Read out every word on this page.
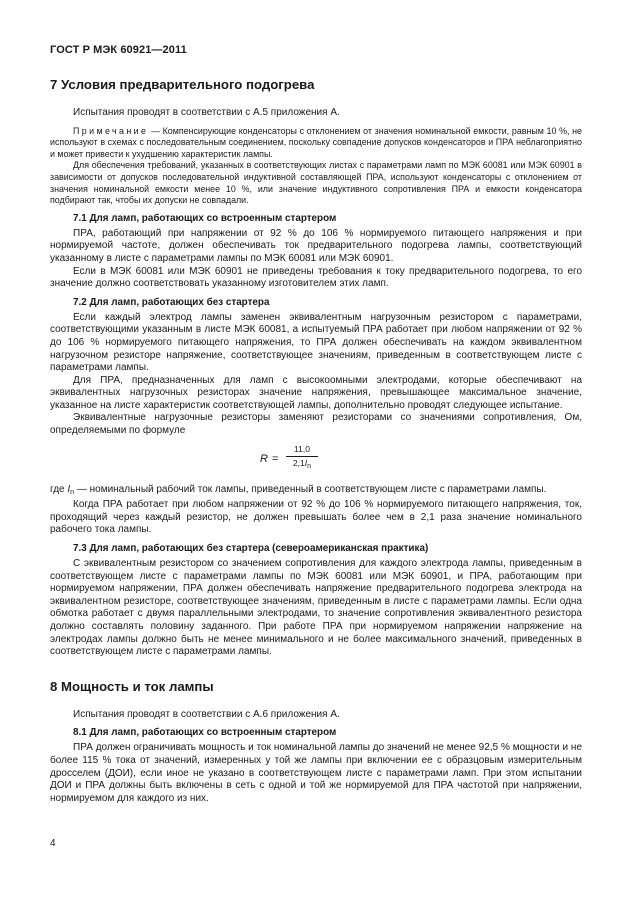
ГОСТ Р МЭК 60921—2011
7 Условия предварительного подогрева

Испытания проводят в соответствии с А.5 приложения А.

Примечание — Компенсирующие конденсаторы с отклонением от значения номинальной емкости, равным 10 %, не используют в схемах с последовательным соединением, поскольку совпадение допусков конденсаторов и ПРА неблагоприятно и может привести к ухудшению характеристик лампы.

Для обеспечения требований, указанных в соответствующих листах с параметрами ламп по МЭК 60081 или МЭК 60901 в зависимости от допусков последовательной индуктивной составляющей ПРА, используют конденсаторы с отклонением от значения номинальной емкости менее 10 %, или значение индуктивного сопротивления ПРА и емкости конденсатора подбирают так, чтобы их допуски не совпадали.

7.1 Для ламп, работающих со встроенным стартером

ПРА, работающий при напряжении от 92 % до 106 % нормируемого питающего напряжения и при нормируемой частоте, должен обеспечивать ток предварительного подогрева лампы, соответствующий указанному в листе с параметрами лампы по МЭК 60081 или МЭК 60901.

Если в МЭК 60081 или МЭК 60901 не приведены требования к току предварительного подогрева, то его значение должно соответствовать указанному изготовителем этих ламп.

7.2 Для ламп, работающих без стартера

Если каждый электрод лампы заменен эквивалентным нагрузочным резистором с параметрами, соответствующими указанным в листе МЭК 60081, а испытуемый ПРА работает при любом напряжении от 92 % до 106 % нормируемого питающего напряжения, то ПРА должен обеспечивать на каждом эквивалентном нагрузочном резисторе напряжение, соответствующее значениям, приведенным в соответствующем листе с параметрами лампы.

Для ПРА, предназначенных для ламп с высокоомными электродами, которые обеспечивают на эквивалентных нагрузочных резисторах значение напряжения, превышающее максимальное значение, указанное на листе характеристик соответствующей лампы, дополнительно проводят следующее испытание.

Эквивалентные нагрузочные резисторы заменяют резисторами со значениями сопротивления, Ом, определяемыми по формуле

$R = \frac{11,0}{2,1I_n}$

где $I_n$ — номинальный рабочий ток лампы, приведенный в соответствующем листе с параметрами лампы.

Когда ПРА работает при любом напряжении от 92 % до 106 % нормируемого питающего напряжения, ток, проходящий через каждый резистор, не должен превышать более чем в 2,1 раза значение номинального рабочего тока лампы.

7.3 Для ламп, работающих без стартера (североамериканская практика)

С эквивалентным резистором со значением сопротивления для каждого электрода лампы, приведенным в соответствующем листе с параметрами лампы по МЭК 60081 или МЭК 60901, и ПРА, работающим при нормируемом напряжении, ПРА должен обеспечивать напряжение предварительного подогрева электрода на эквивалентном резисторе, соответствующее значениям, приведенным в листе с параметрами лампы. Если одна обмотка работает с двумя параллельными электродами, то значение сопротивления эквивалентного резистора должно составлять половину заданного. При работе ПРА при нормируемом напряжении напряжение на электродах лампы должно быть не менее минимального и не более максимального значений, приведенных в соответствующем листе с параметрами лампы.

8 Мощность и ток лампы

Испытания проводят в соответствии с А.6 приложения А.

8.1 Для ламп, работающих со встроенным стартером

ПРА должен ограничивать мощность и ток номинальной лампы до значений не менее 92,5 % мощности и не более 115 % тока от значений, измеренных у той же лампы при включении ее с образцовым измерительным дросселем (ДОИ), если иное не указано в соответствующем листе с параметрами ламп. При этом испытании ДОИ и ПРА должны быть включены в сеть с одной и той же нормируемой для ПРА частотой при напряжении, нормируемом для каждого из них.

4
